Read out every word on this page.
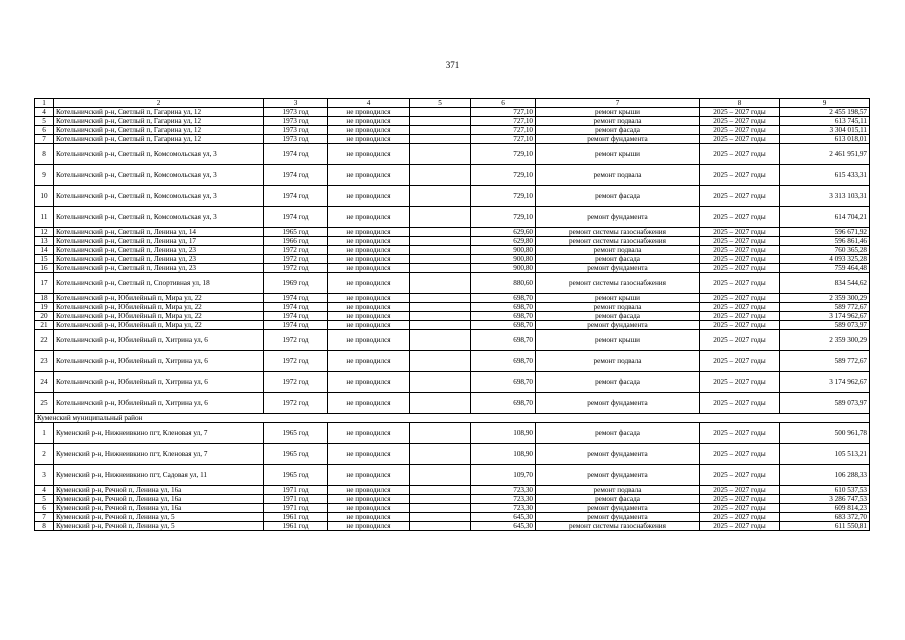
371
1	2	3	4	5	6	7	8	9
4	Котельничский р-н, Светлый п, Гагарина ул, 12	1973 год	не проводился		727,10	ремонт крыши	2025 – 2027 годы	2 455 198,57
5	Котельничский р-н, Светлый п, Гагарина ул, 12	1973 год	не проводился		727,10	ремонт подвала	2025 – 2027 годы	613 745,11
6	Котельничский р-н, Светлый п, Гагарина ул, 12	1973 год	не проводился		727,10	ремонт фасада	2025 – 2027 годы	3 304 015,11
7	Котельничский р-н, Светлый п, Гагарина ул, 12	1973 год	не проводился		727,10	ремонт фундамента	2025 – 2027 годы	613 018,01
8	Котельничский р-н, Светлый п, Комсомольская ул, 3	1974 год	не проводился		729,10	ремонт крыши	2025 – 2027 годы	2 461 951,97
9	Котельничский р-н, Светлый п, Комсомольская ул, 3	1974 год	не проводился		729,10	ремонт подвала	2025 – 2027 годы	615 433,31
10	Котельничский р-н, Светлый п, Комсомольская ул, 3	1974 год	не проводился		729,10	ремонт фасада	2025 – 2027 годы	3 313 103,31
11	Котельничский р-н, Светлый п, Комсомольская ул, 3	1974 год	не проводился		729,10	ремонт фундамента	2025 – 2027 годы	614 704,21
12	Котельничский р-н, Светлый п, Ленина ул, 14	1965 год	не проводился		629,60	ремонт системы газоснабжения	2025 – 2027 годы	596 671,92
13	Котельничский р-н, Светлый п, Ленина ул, 17	1966 год	не проводился		629,80	ремонт системы газоснабжения	2025 – 2027 годы	596 861,46
14	Котельничский р-н, Светлый п, Ленина ул, 23	1972 год	не проводился		900,80	ремонт подвала	2025 – 2027 годы	760 365,28
15	Котельничский р-н, Светлый п, Ленина ул, 23	1972 год	не проводился		900,80	ремонт фасада	2025 – 2027 годы	4 093 325,28
16	Котельничский р-н, Светлый п, Ленина ул, 23	1972 год	не проводился		900,80	ремонт фундамента	2025 – 2027 годы	759 464,48
17	Котельничский р-н, Светлый п, Спортивная ул, 18	1969 год	не проводился		880,60	ремонт системы газоснабжения	2025 – 2027 годы	834 544,62
18	Котельничский р-н, Юбилейный п, Мира ул, 22	1974 год	не проводился		698,70	ремонт крыши	2025 – 2027 годы	2 359 300,29
19	Котельничский р-н, Юбилейный п, Мира ул, 22	1974 год	не проводился		698,70	ремонт подвала	2025 – 2027 годы	589 772,67
20	Котельничский р-н, Юбилейный п, Мира ул, 22	1974 год	не проводился		698,70	ремонт фасада	2025 – 2027 годы	3 174 962,67
21	Котельничский р-н, Юбилейный п, Мира ул, 22	1974 год	не проводился		698,70	ремонт фундамента	2025 – 2027 годы	589 073,97
22	Котельничский р-н, Юбилейный п, Хитрина ул, 6	1972 год	не проводился		698,70	ремонт крыши	2025 – 2027 годы	2 359 300,29
23	Котельничский р-н, Юбилейный п, Хитрина ул, 6	1972 год	не проводился		698,70	ремонт подвала	2025 – 2027 годы	589 772,67
24	Котельничский р-н, Юбилейный п, Хитрина ул, 6	1972 год	не проводился		698,70	ремонт фасада	2025 – 2027 годы	3 174 962,67
25	Котельничский р-н, Юбилейный п, Хитрина ул, 6	1972 год	не проводился		698,70	ремонт фундамента	2025 – 2027 годы	589 073,97
Куменский муниципальный район								
1	Куменский р-н, Нижнеивкино пгт, Кленовая ул, 7	1965 год	не проводился		108,90	ремонт фасада	2025 – 2027 годы	500 961,78
2	Куменский р-н, Нижнеивкино пгт, Кленовая ул, 7	1965 год	не проводился		108,90	ремонт фундамента	2025 – 2027 годы	105 513,21
3	Куменский р-н, Нижнеивкино пгт, Садовая ул, 11	1965 год	не проводился		109,70	ремонт фундамента	2025 – 2027 годы	106 288,33
4	Куменский р-н, Речной п, Ленина ул, 16а	1971 год	не проводился		723,30	ремонт подвала	2025 – 2027 годы	610 537,53
5	Куменский р-н, Речной п, Ленина ул, 16а	1971 год	не проводился		723,30	ремонт фасада	2025 – 2027 годы	3 286 747,53
6	Куменский р-н, Речной п, Ленина ул, 16а	1971 год	не проводился		723,30	ремонт фундамента	2025 – 2027 годы	609 814,23
7	Куменский р-н, Речной п, Ленина ул, 5	1961 год	не проводился		645,30	ремонт фундамента	2025 – 2027 годы	683 372,70
8	Куменский р-н, Речной п, Ленина ул, 5	1961 год	не проводился		645,30	ремонт системы газоснабжения	2025 – 2027 годы	611 550,81
